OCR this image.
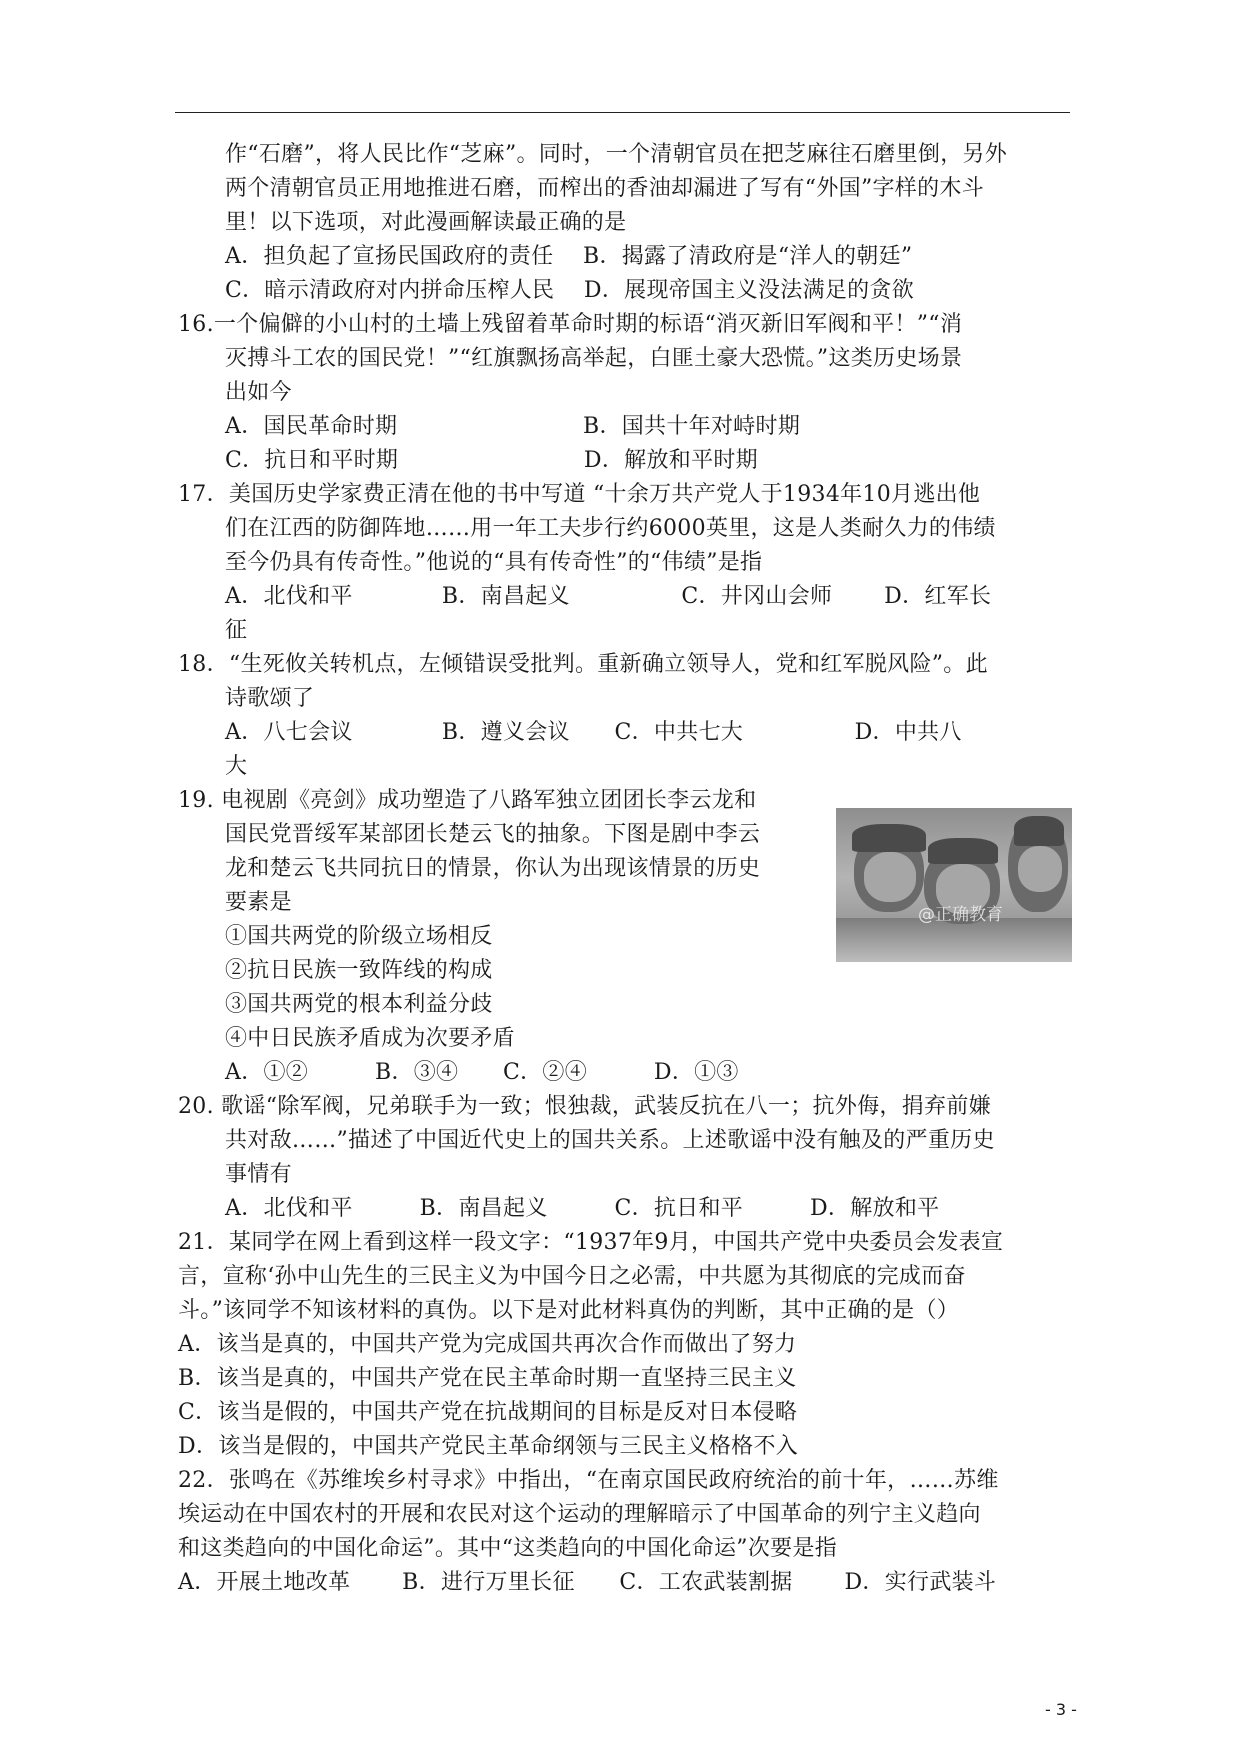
作“石磨”，将人民比作“芝麻”。同时，一个清朝官员在把芝麻往石磨里倒，另外
两个清朝官员正用地推进石磨，而榨出的香油却漏进了写有“外国”字样的木斗
里！以下选项，对此漫画解读最正确的是
A．担负起了宣扬民国政府的责任　 B．揭露了清政府是“洋人的朝廷”
C．暗示清政府对内拼命压榨人民　 D．展现帝国主义没法满足的贪欲
16.一个偏僻的小山村的土墙上残留着革命时期的标语“消灭新旧军阀和平！”“消
灭搏斗工农的国民党！”“红旗飘扬高举起，白匪土豪大恐慌。”这类历史场景
出如今
A．国民革命时期　　　　　　　　 B．国共十年对峙时期
C．抗日和平时期　　　　　　　　 D．解放和平时期
17．美国历史学家费正清在他的书中写道 “十余万共产党人于1934年10月逃出他
们在江西的防御阵地……用一年工夫步行约6000英里，这是人类耐久力的伟绩
至今仍具有传奇性。”他说的“具有传奇性”的“伟绩”是指
A．北伐和平　　　　B．南昌起义　　　　　C．井冈山会师　　 D．红军长
征
18．“生死攸关转机点，左倾错误受批判。重新确立领导人，党和红军脱风险”。此
诗歌颂了
A．八七会议　　　　B．遵义会议　　C．中共七大　　　　　D．中共八
大
19. 电视剧《亮剑》成功塑造了八路军独立团团长李云龙和
国民党晋绥军某部团长楚云飞的抽象。下图是剧中李云
龙和楚云飞共同抗日的情景，你认为出现该情景的历史
要素是
①国共两党的阶级立场相反
②抗日民族一致阵线的构成
③国共两党的根本利益分歧
④中日民族矛盾成为次要矛盾
A．①②　　　B．③④　　C．②④　　　D．①③
20. 歌谣“除军阀，兄弟联手为一致；恨独裁，武装反抗在八一；抗外侮，捐弃前嫌
共对敌……”描述了中国近代史上的国共关系。上述歌谣中没有触及的严重历史
事情有
A．北伐和平　　　B．南昌起义　　　C．抗日和平　　　D．解放和平
21．某同学在网上看到这样一段文字：“1937年9月，中国共产党中央委员会发表宣
言，宣称‘孙中山先生的三民主义为中国今日之必需，中共愿为其彻底的完成而奋
斗。”该同学不知该材料的真伪。以下是对此材料真伪的判断，其中正确的是（）
A．该当是真的，中国共产党为完成国共再次合作而做出了努力
B．该当是真的，中国共产党在民主革命时期一直坚持三民主义
C．该当是假的，中国共产党在抗战期间的目标是反对日本侵略
D．该当是假的，中国共产党民主革命纲领与三民主义格格不入
22．张鸣在《苏维埃乡村寻求》中指出，“在南京国民政府统治的前十年，……苏维
埃运动在中国农村的开展和农民对这个运动的理解暗示了中国革命的列宁主义趋向
和这类趋向的中国化命运”。其中“这类趋向的中国化命运”次要是指
A．开展土地改革　　 B．进行万里长征　　C．工农武装割据　　 D．实行武装斗
@正确教育
- 3 -
